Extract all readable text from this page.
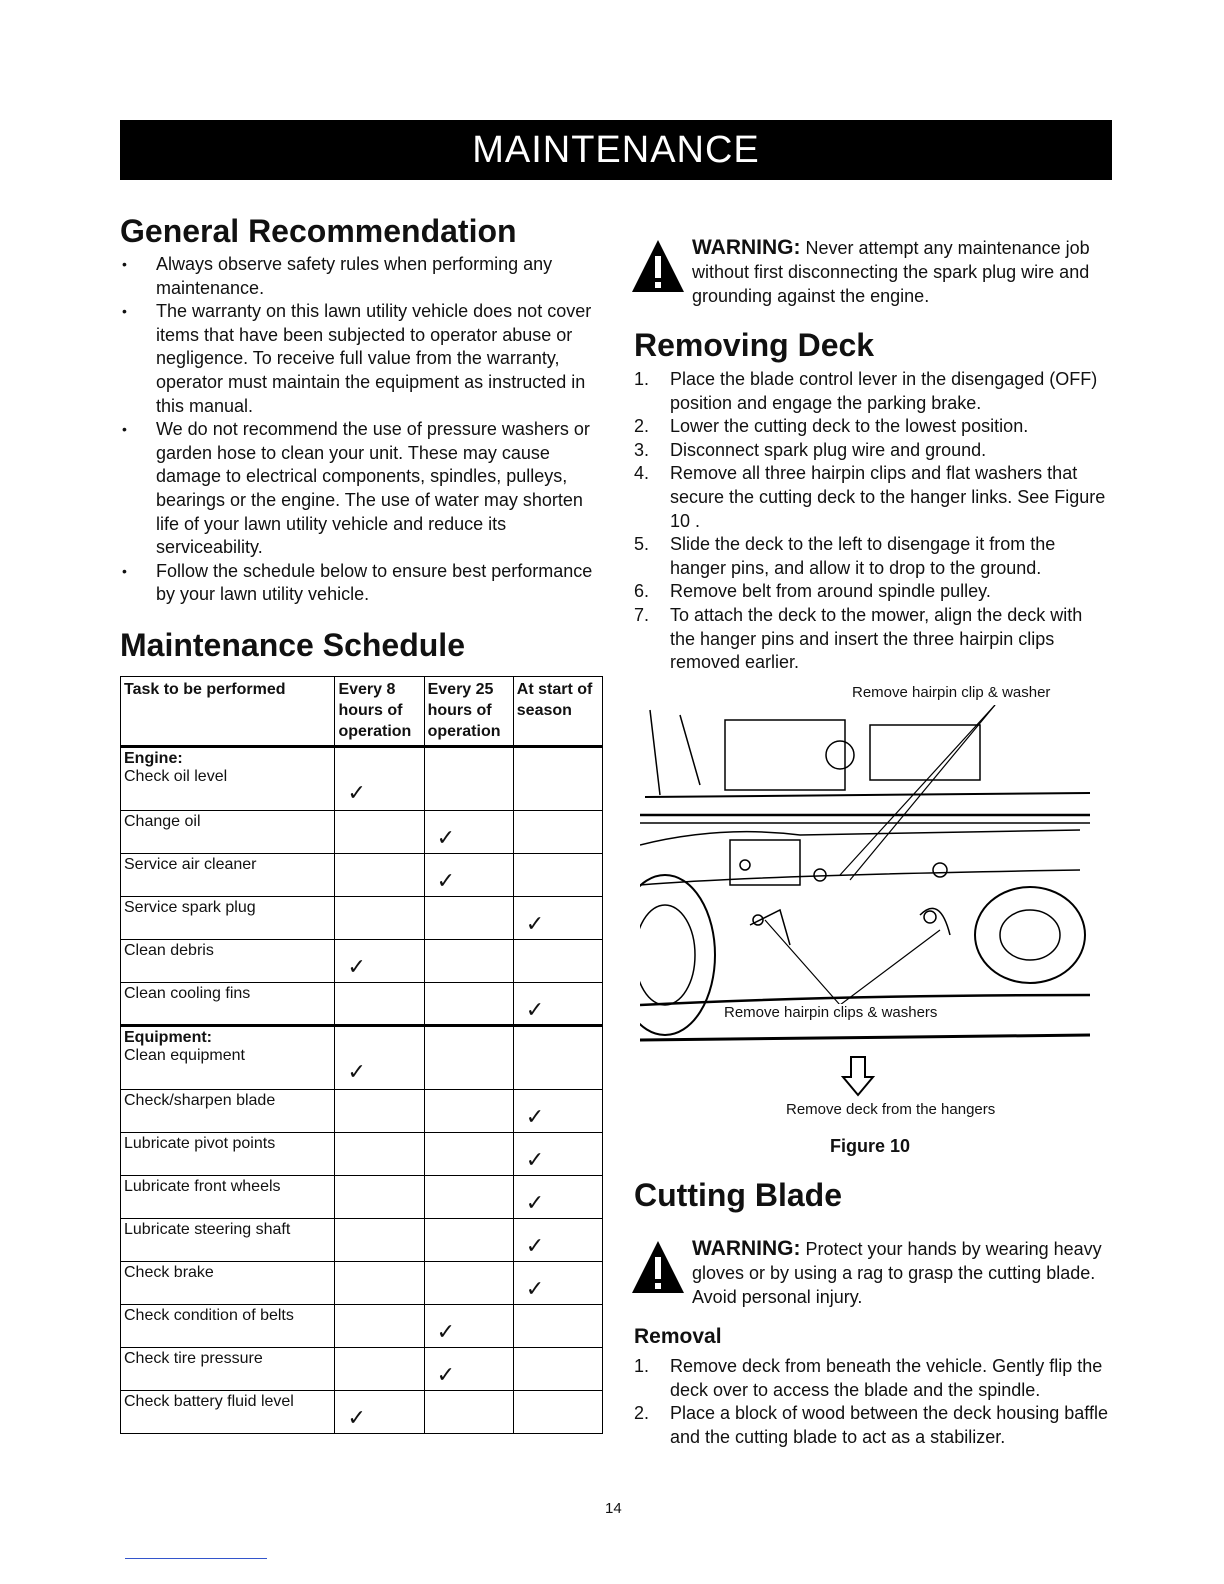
MAINTENANCE
General Recommendation
• Always observe safety rules when performing any maintenance.
• The warranty on this lawn utility vehicle does not cover items that have been subjected to operator abuse or negligence. To receive full value from the warranty, operator must maintain the equipment as instructed in this manual.
• We do not recommend the use of pressure washers or garden hose to clean your unit. These may cause damage to electrical components, spindles, pulleys, bearings or the engine. The use of water may shorten life of your lawn utility vehicle and reduce its serviceability.
• Follow the schedule below to ensure best performance by your lawn utility vehicle.
Maintenance Schedule
Task to be performed	Every 8 hours of operation	Every 25 hours of operation	At start of season

Engine:
Check oil level	✓		

Change oil		✓	

Service air cleaner		✓	

Service spark plug			✓

Clean debris	✓		

Clean cooling fins			✓

Equipment:
Clean equipment	✓		

Check/sharpen blade			✓

Lubricate pivot points			✓

Lubricate front wheels			✓

Lubricate steering shaft			✓

Check brake			✓

Check condition of belts		✓	

Check tire pressure		✓	

Check battery fluid level	✓		

WARNING: Never attempt any maintenance job without first disconnecting the spark plug wire and grounding against the engine.
Removing Deck
1. Place the blade control lever in the disengaged (OFF) position and engage the parking brake.
2. Lower the cutting deck to the lowest position.
3. Disconnect spark plug wire and ground.
4. Remove all three hairpin clips and flat washers that secure the cutting deck to the hanger links. See Figure 10 .
5. Slide the deck to the left to disengage it from the hanger pins, and allow it to drop to the ground.
6. Remove belt from around spindle pulley.
7. To attach the deck to the mower, align the deck with the hanger pins and insert the three hairpin clips removed earlier.
Remove hairpin clip & washer
Remove hairpin clips & washers
Remove deck from the hangers
Figure 10
Cutting Blade
WARNING: Protect your hands by wearing heavy gloves or by using a rag to grasp the cutting blade. Avoid personal injury.
Removal
1. Remove deck from beneath the vehicle. Gently flip the deck over to access the blade and the spindle.
2. Place a block of wood between the deck housing baffle and the cutting blade to act as a stabilizer.
14
